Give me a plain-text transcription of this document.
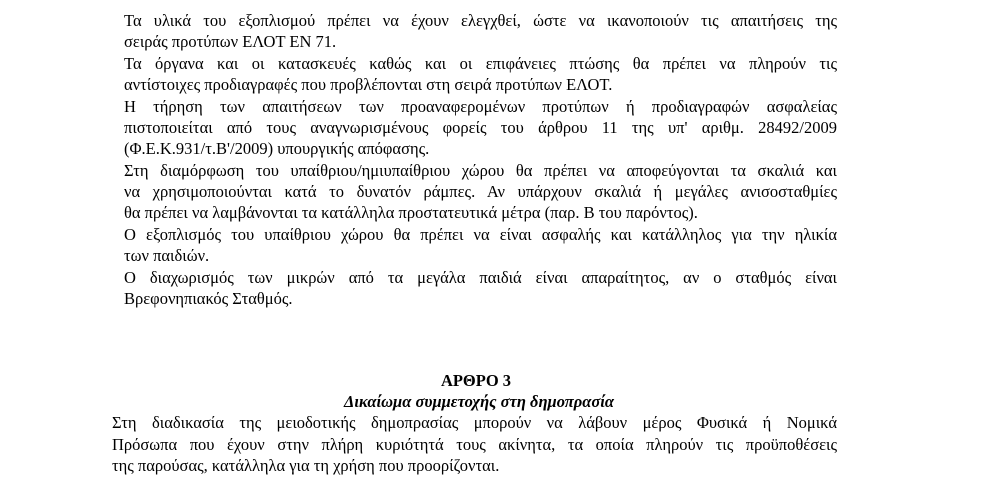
Τα υλικά του εξοπλισμού πρέπει να έχουν ελεγχθεί, ώστε να ικανοποιούν τις απαιτήσεις της

σειράς προτύπων ΕΛΟΤ ΕΝ 71.

Τα όργανα και οι κατασκευές καθώς και οι επιφάνειες πτώσης θα πρέπει να πληρούν τις

αντίστοιχες προδιαγραφές που προβλέπονται στη σειρά προτύπων ΕΛΟΤ.

Η τήρηση των απαιτήσεων των προαναφερομένων προτύπων ή προδιαγραφών ασφαλείας

πιστοποιείται από τους αναγνωρισμένους φορείς του άρθρου 11 της υπ' αριθμ. 28492/2009

(Φ.Ε.Κ.931/τ.Β'/2009) υπουργικής απόφασης.

Στη διαμόρφωση του υπαίθριου/ημιυπαίθριου χώρου θα πρέπει να αποφεύγονται τα σκαλιά και

να χρησιμοποιούνται κατά το δυνατόν ράμπες. Αν υπάρχουν σκαλιά ή μεγάλες ανισοσταθμίες

θα πρέπει να λαμβάνονται τα κατάλληλα προστατευτικά μέτρα (παρ. Β του παρόντος).

Ο εξοπλισμός του υπαίθριου χώρου θα πρέπει να είναι ασφαλής και κατάλληλος για την ηλικία

των παιδιών.

Ο διαχωρισμός των μικρών από τα μεγάλα παιδιά είναι απαραίτητος, αν ο σταθμός είναι

Βρεφονηπιακός Σταθμός.

ΑΡΘΡΟ 3
Δικαίωμα συμμετοχής στη δημοπρασία

Στη διαδικασία της μειοδοτικής δημοπρασίας μπορούν να λάβουν μέρος Φυσικά ή Νομικά

Πρόσωπα που έχουν στην πλήρη κυριότητά τους ακίνητα, τα οποία πληρούν τις προϋποθέσεις

της παρούσας, κατάλληλα για τη χρήση που προορίζονται.
